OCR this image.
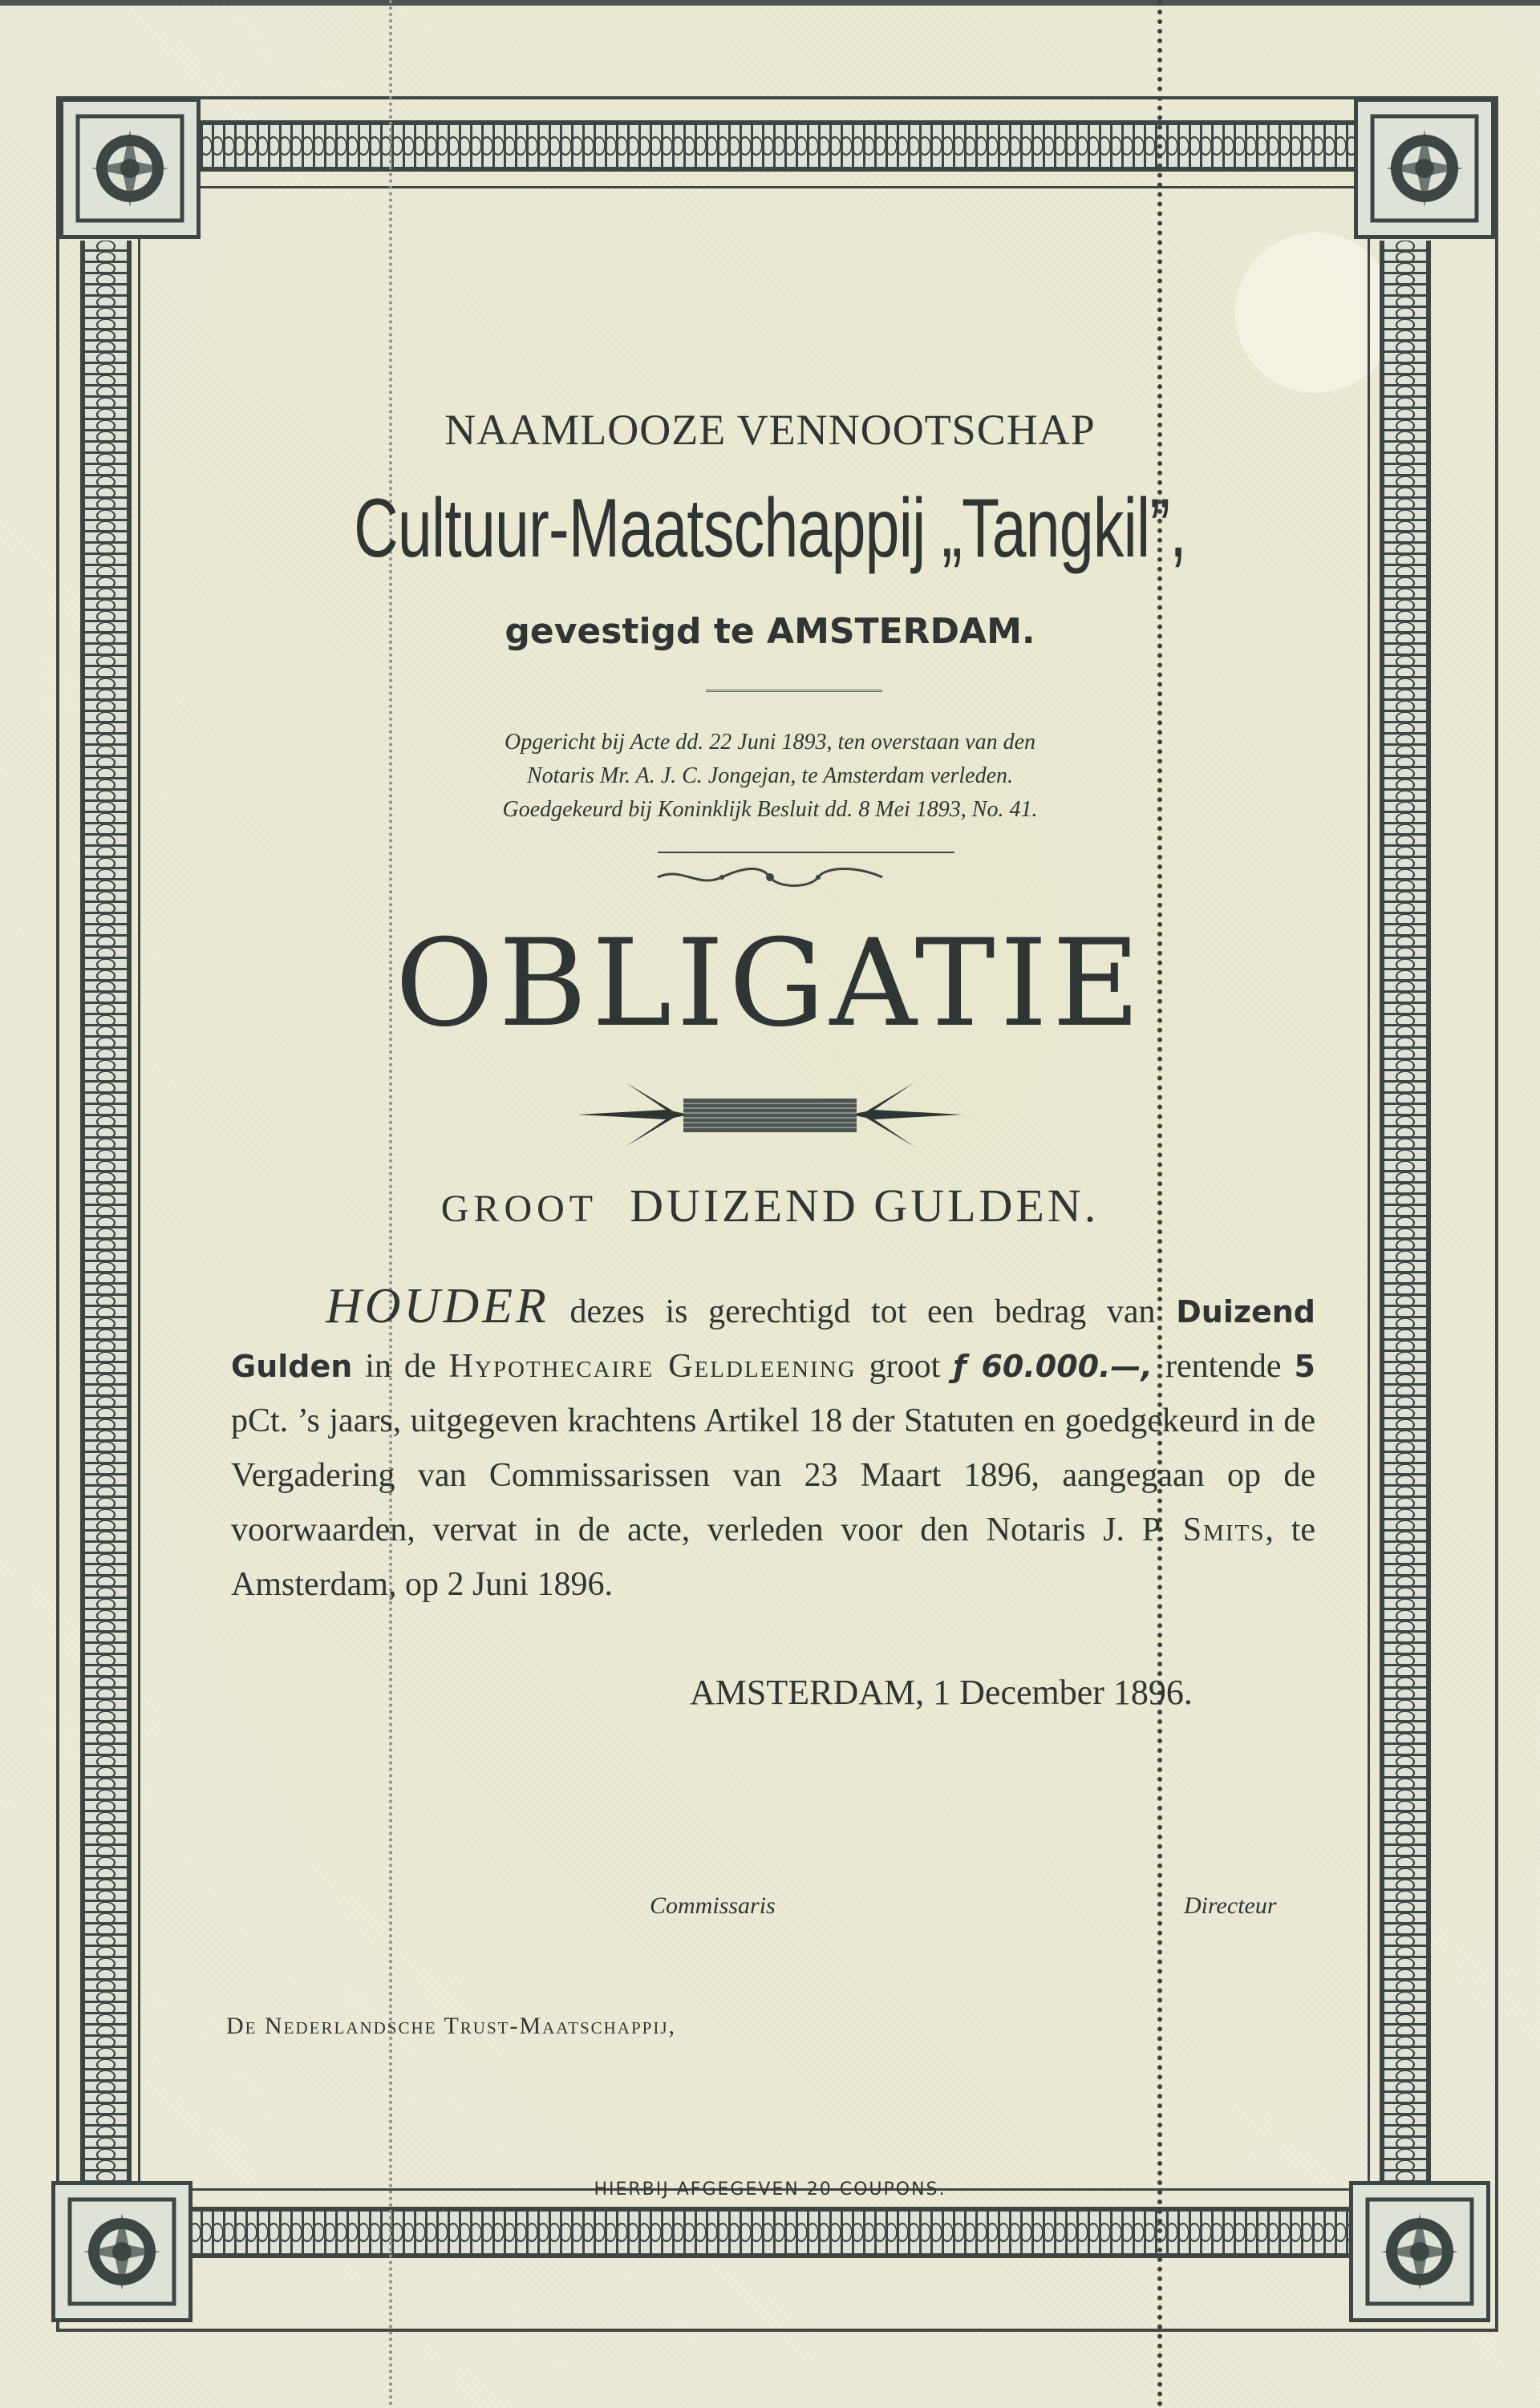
NAAMLOOZE VENNOOTSCHAP
Cultuur-Maatschappij „Tangkil”,
gevestigd te AMSTERDAM.
Opgericht bij Acte dd. 22 Juni 1893, ten overstaan van den
Notaris Mr. A. J. C. Jongejan, te Amsterdam verleden.
Goedgekeurd bij Koninklijk Besluit dd. 8 Mei 1893, No. 41.
OBLIGATIE
GROOT DUIZEND GULDEN.

HOUDER dezes is gerechtigd tot een bedrag van Duizend Gulden in de Hypothecaire Geldleening groot ƒ 60.000.—, rentende 5 pCt. ’s jaars, uitgegeven krachtens Artikel 18 der Statuten en goedgekeurd in de Vergadering van Commissarissen van 23 Maart 1896, aangegaan op de voorwaarden, vervat in de acte, verleden voor den Notaris J. P. Smits, te Amsterdam, op 2 Juni 1896.

AMSTERDAM, 1 December 1896.
Commissaris	Directeur
De Nederlandsche Trust-Maatschappij,
HIERBIJ AFGEGEVEN 20 COUPONS.
